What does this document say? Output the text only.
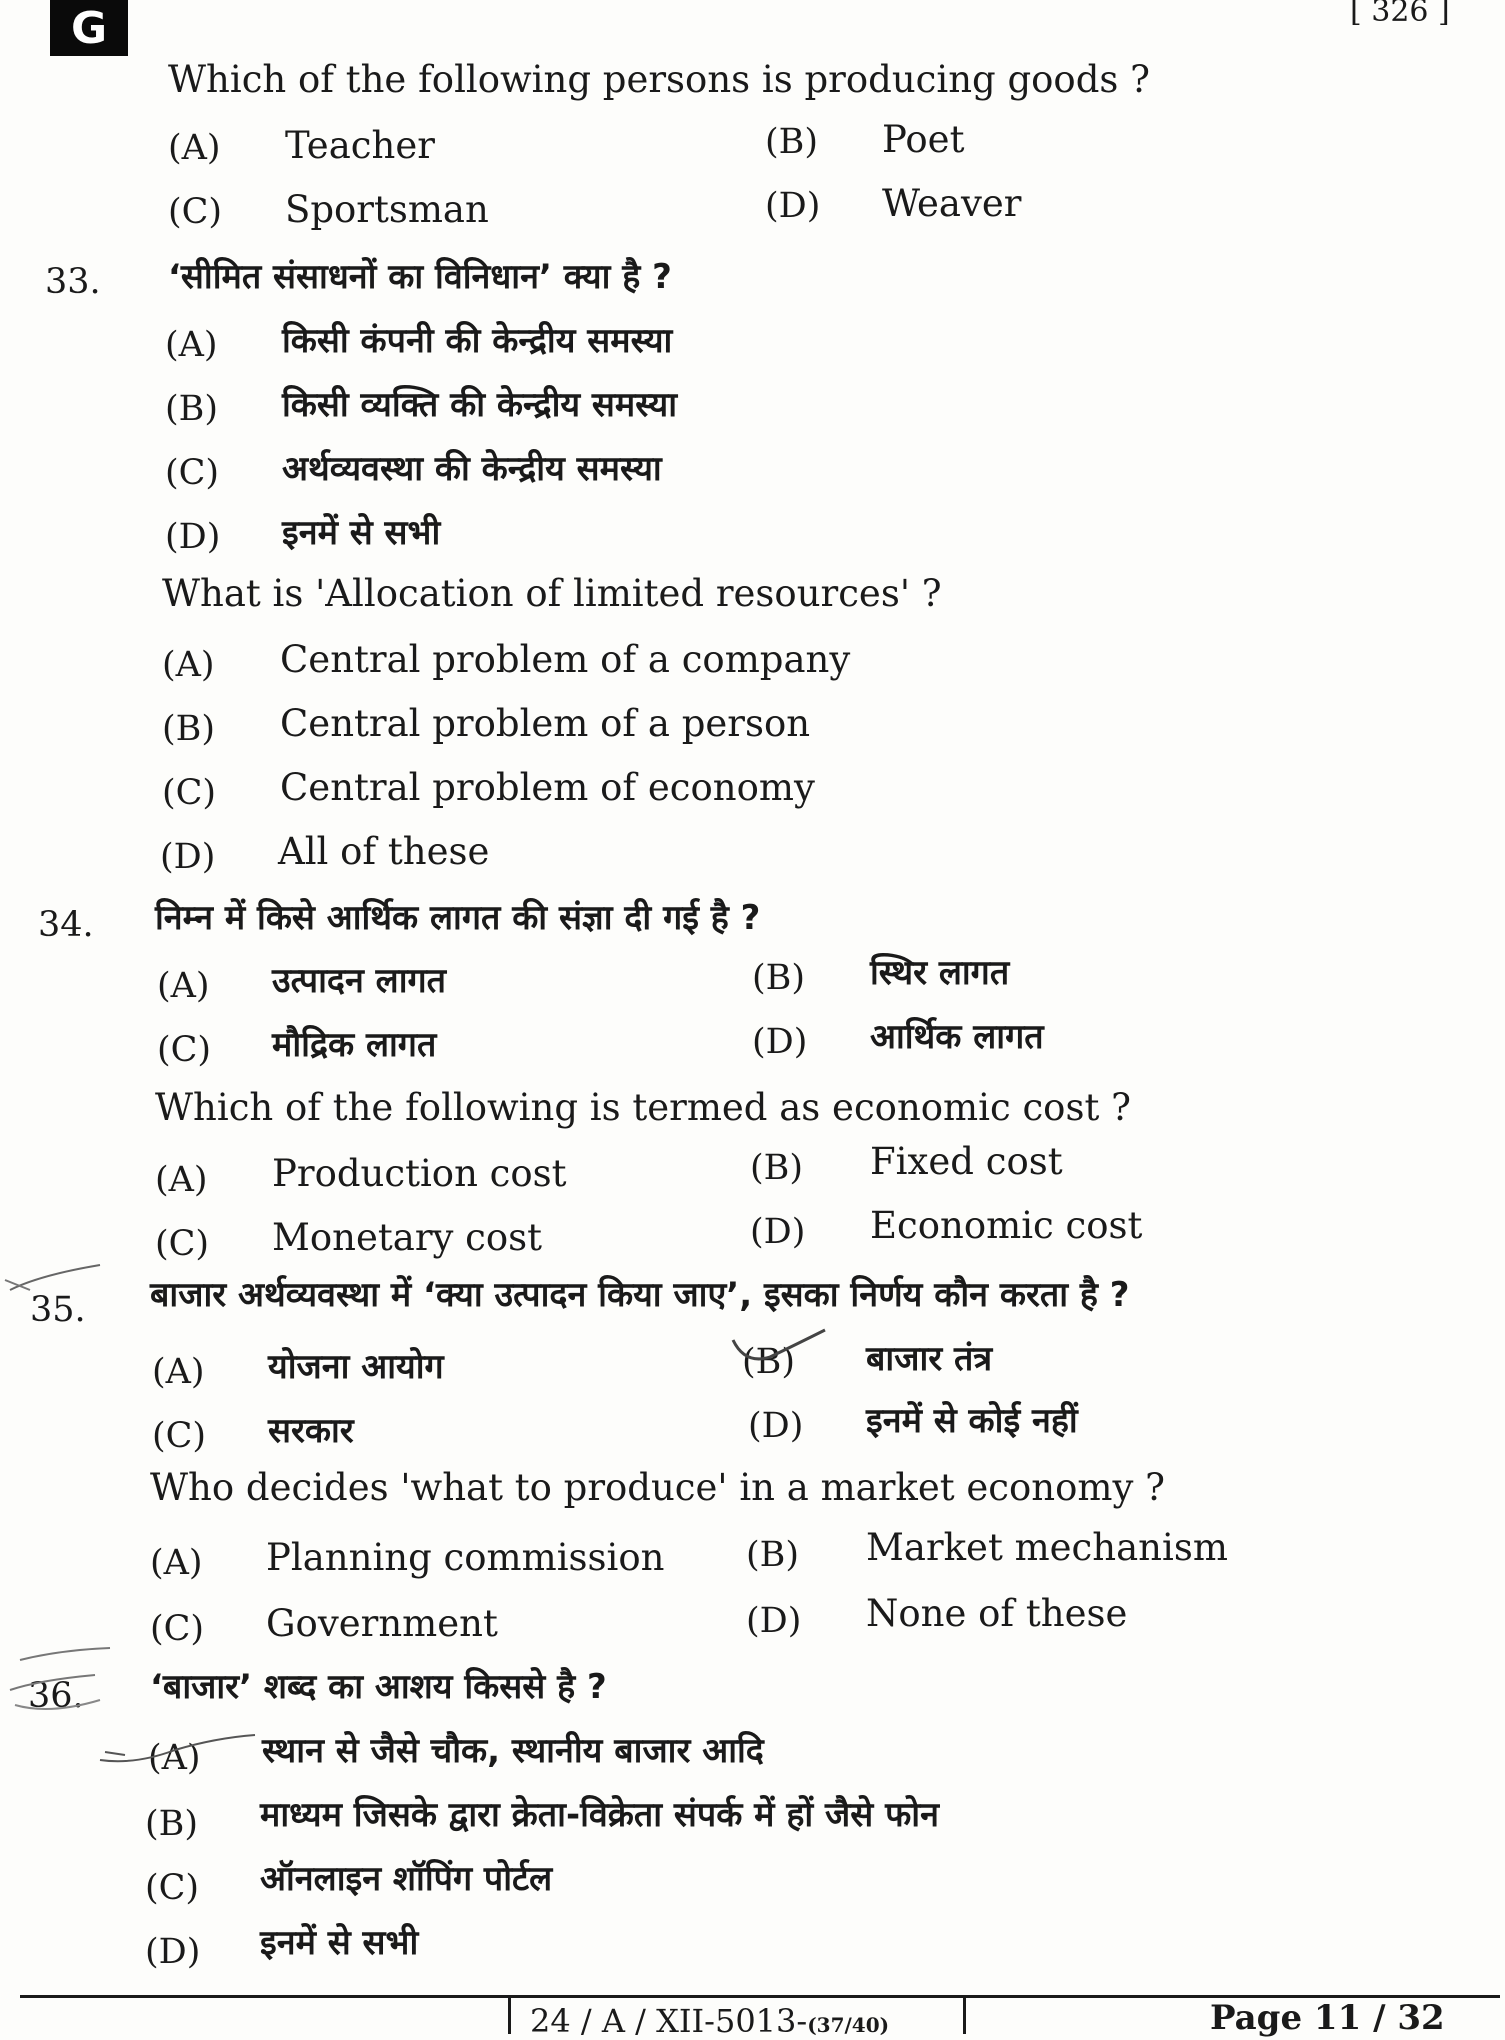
G	[ 326 ]
Which of the following persons is producing goods ?
(A) Teacher	(B) Poet
(C) Sportsman	(D) Weaver
33. ‘सीमित संसाधनों का विनिधान’ क्या है ?
(A) किसी कंपनी की केन्द्रीय समस्या
(B) किसी व्यक्ति की केन्द्रीय समस्या
(C) अर्थव्यवस्था की केन्द्रीय समस्या
(D) इनमें से सभी
What is 'Allocation of limited resources' ?
(A) Central problem of a company
(B) Central problem of a person
(C) Central problem of economy
(D) All of these
34. निम्न में किसे आर्थिक लागत की संज्ञा दी गई है ?
(A) उत्पादन लागत	(B) स्थिर लागत
(C) मौद्रिक लागत	(D) आर्थिक लागत
Which of the following is termed as economic cost ?
(A) Production cost	(B) Fixed cost
(C) Monetary cost	(D) Economic cost
35. बाजार अर्थव्यवस्था में ‘क्या उत्पादन किया जाए’, इसका निर्णय कौन करता है ?
(A) योजना आयोग	(B) बाजार तंत्र
(C) सरकार	(D) इनमें से कोई नहीं
Who decides 'what to produce' in a market economy ?
(A) Planning commission (B) Market mechanism
(C) Government	(D) None of these
36. ‘बाजार’ शब्द का आशय किससे है ?
(A) स्थान से जैसे चौक, स्थानीय बाजार आदि
(B) माध्यम जिसके द्वारा क्रेता-विक्रेता संपर्क में हों जैसे फोन
(C) ऑनलाइन शॉपिंग पोर्टल
(D) इनमें से सभी
24 / A / XII-5013-(37/40)	Page 11 / 32
